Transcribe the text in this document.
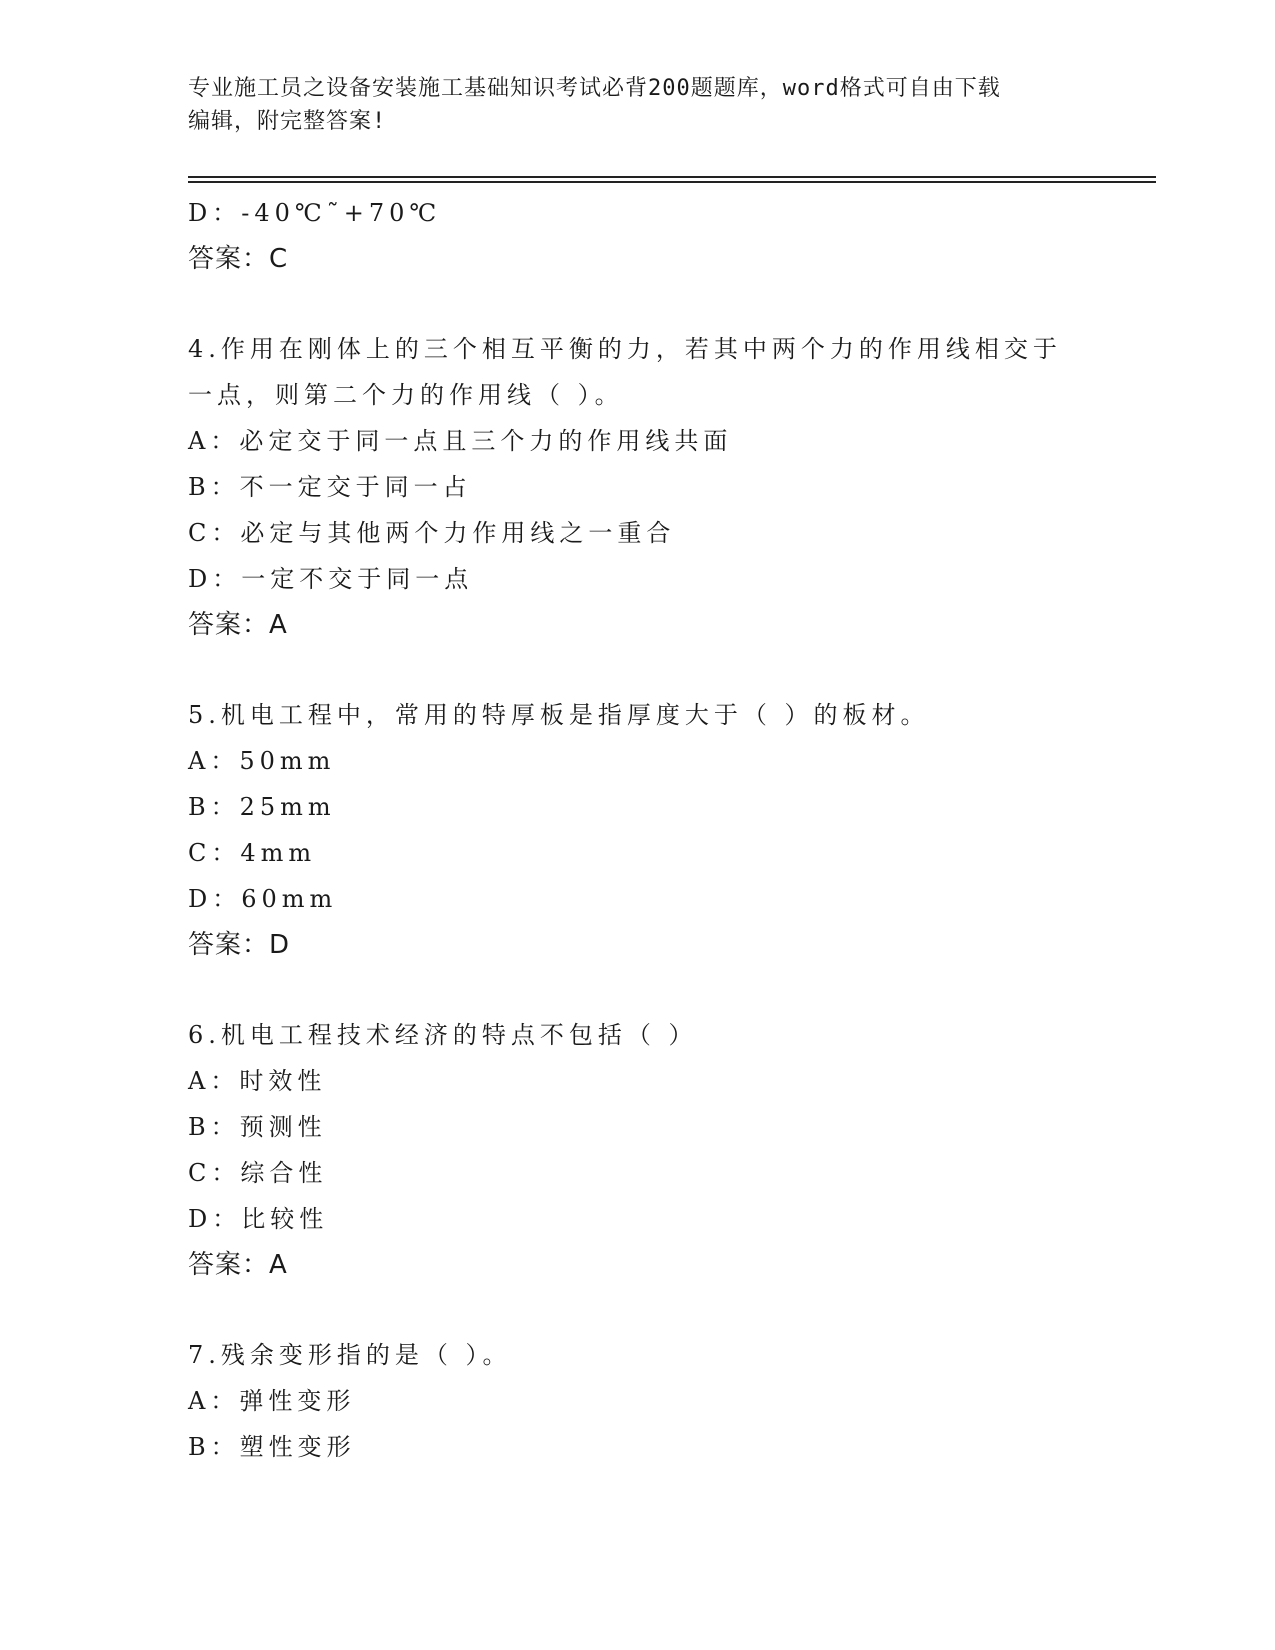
专业施工员之设备安装施工基础知识考试必背200题题库，word格式可自由下载
编辑，附完整答案!
D：-40℃˜+70℃
答案：C
4.作用在刚体上的三个相互平衡的力，若其中两个力的作用线相交于
一点，则第二个力的作用线（ ）。
A：必定交于同一点且三个力的作用线共面
B：不一定交于同一占
C：必定与其他两个力作用线之一重合
D：一定不交于同一点
答案：A
5.机电工程中，常用的特厚板是指厚度大于（ ）的板材。
A：50mm
B：25mm
C：4mm
D：60mm
答案：D
6.机电工程技术经济的特点不包括（ ）
A：时效性
B：预测性
C：综合性
D：比较性
答案：A
7.残余变形指的是（ ）。
A：弹性变形
B：塑性变形
